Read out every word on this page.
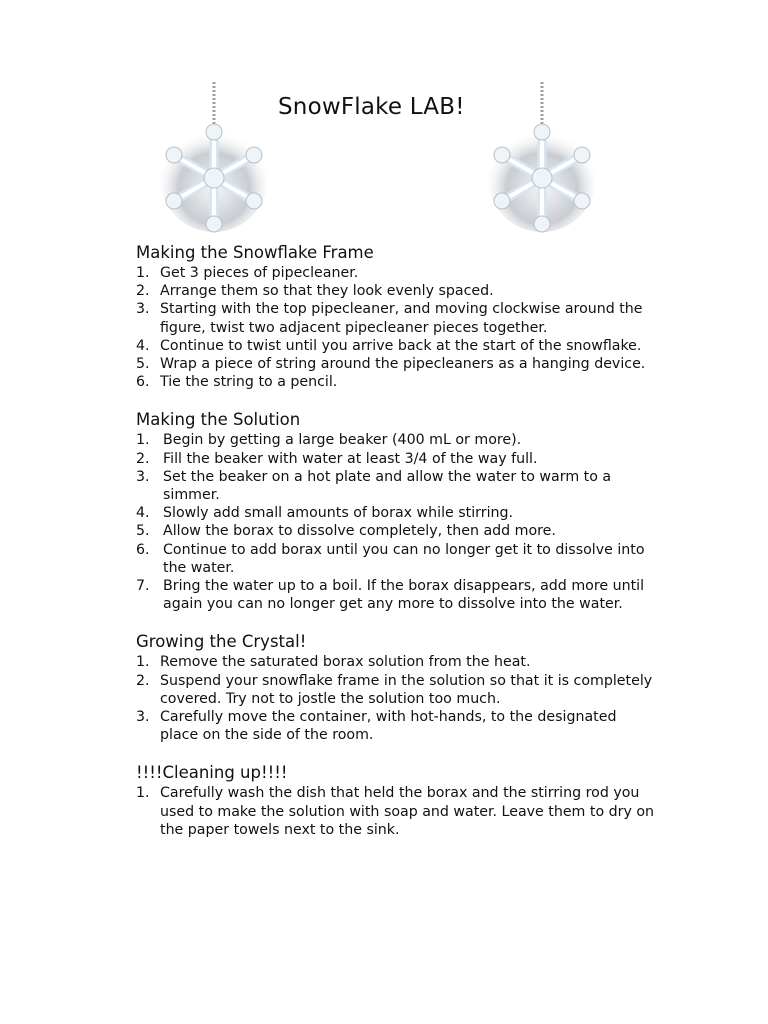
SnowFlake LAB!
Making the Snowflake Frame
1. Get 3 pieces of pipecleaner.
2. Arrange them so that they look evenly spaced.
3. Starting with the top pipecleaner, and moving clockwise around the figure, twist two adjacent pipecleaner pieces together.
4. Continue to twist until you arrive back at the start of the snowflake.
5. Wrap a piece of string around the pipecleaners as a hanging device.
6. Tie the string to a pencil.
Making the Solution
1. Begin by getting a large beaker (400 mL or more).
2. Fill the beaker with water at least 3/4 of the way full.
3. Set the beaker on a hot plate and allow the water to warm to a simmer.
4. Slowly add small amounts of borax while stirring.
5. Allow the borax to dissolve completely, then add more.
6. Continue to add borax until you can no longer get it to dissolve into the water.
7. Bring the water up to a boil. If the borax disappears, add more until again you can no longer get any more to dissolve into the water.
Growing the Crystal!
1. Remove the saturated borax solution from the heat.
2. Suspend your snowflake frame in the solution so that it is completely covered. Try not to jostle the solution too much.
3. Carefully move the container, with hot-hands, to the designated place on the side of the room.
!!!!Cleaning up!!!!
1. Carefully wash the dish that held the borax and the stirring rod you used to make the solution with soap and water. Leave them to dry on the paper towels next to the sink.
